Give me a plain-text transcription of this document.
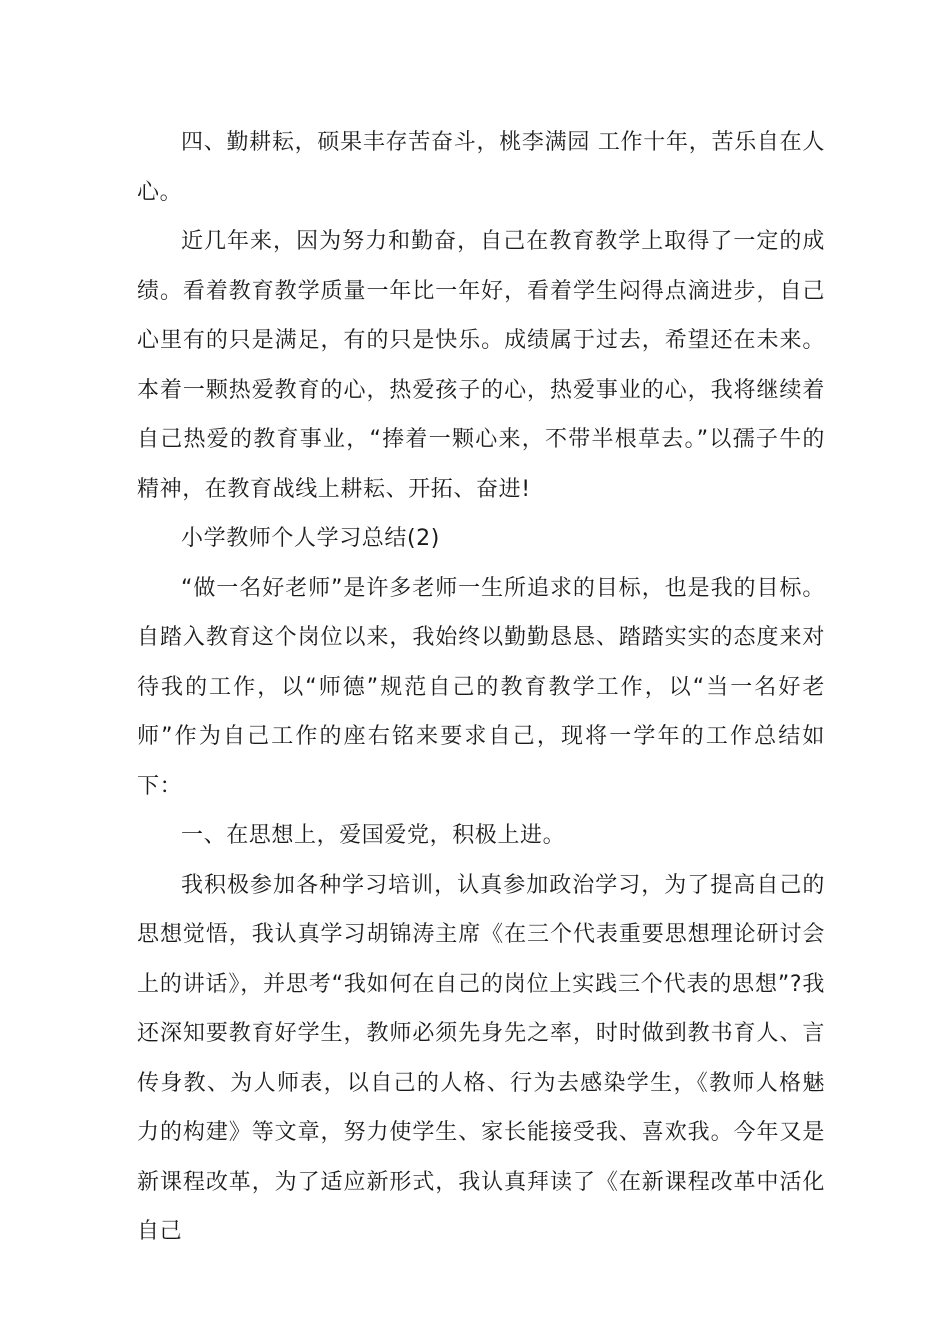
四、勤耕耘，硕果丰存苦奋斗，桃李满园 工作十年，苦乐自在人心。

近几年来，因为努力和勤奋，自己在教育教学上取得了一定的成绩。看着教育教学质量一年比一年好，看着学生闷得点滴进步，自己心里有的只是满足，有的只是快乐。成绩属于过去，希望还在未来。本着一颗热爱教育的心，热爱孩子的心，热爱事业的心，我将继续着自己热爱的教育事业，“捧着一颗心来，不带半根草去。”以孺子牛的精神，在教育战线上耕耘、开拓、奋进!

小学教师个人学习总结(2)

“做一名好老师”是许多老师一生所追求的目标，也是我的目标。自踏入教育这个岗位以来，我始终以勤勤恳恳、踏踏实实的态度来对待我的工作，以“师德”规范自己的教育教学工作，以“当一名好老师”作为自己工作的座右铭来要求自己，现将一学年的工作总结如下：

一、在思想上，爱国爱党，积极上进。

我积极参加各种学习培训，认真参加政治学习，为了提高自己的思想觉悟，我认真学习胡锦涛主席《在三个代表重要思想理论研讨会上的讲话》，并思考“我如何在自己的岗位上实践三个代表的思想”?我还深知要教育好学生，教师必须先身先之率，时时做到教书育人、言传身教、为人师表，以自己的人格、行为去感染学生，《教师人格魅力的构建》等文章，努力使学生、家长能接受我、喜欢我。今年又是新课程改革，为了适应新形式，我认真拜读了《在新课程改革中活化自己
